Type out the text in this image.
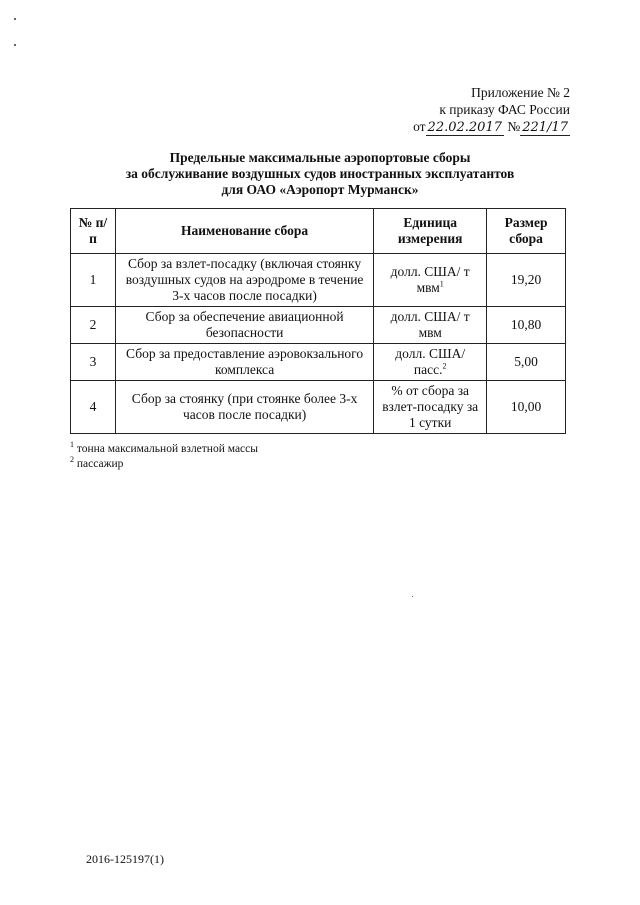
Приложение № 2
к приказу ФАС России
от 22.02.2017 № 221/17
Предельные максимальные аэропортовые сборы
за обслуживание воздушных судов иностранных эксплуатантов
для ОАО «Аэропорт Мурманск»
№ п/п	Наименование сбора	Единица измерения	Размер сбора
1	Сбор за взлет-посадку (включая стоянку воздушных судов на аэродроме в течение 3-х часов после посадки)	долл. США/ т мвм$^1$	19,20
2	Сбор за обеспечение авиационной безопасности	долл. США/ т мвм	10,80
3	Сбор за предоставление аэровокзального комплекса	долл. США/ пасс.$^2$	5,00
4	Сбор за стоянку (при стоянке более 3-х часов после посадки)	% от сбора за взлет-посадку за 1 сутки	10,00
$^1$ тонна максимальной взлетной массы
$^2$ пассажир
2016-125197(1)
